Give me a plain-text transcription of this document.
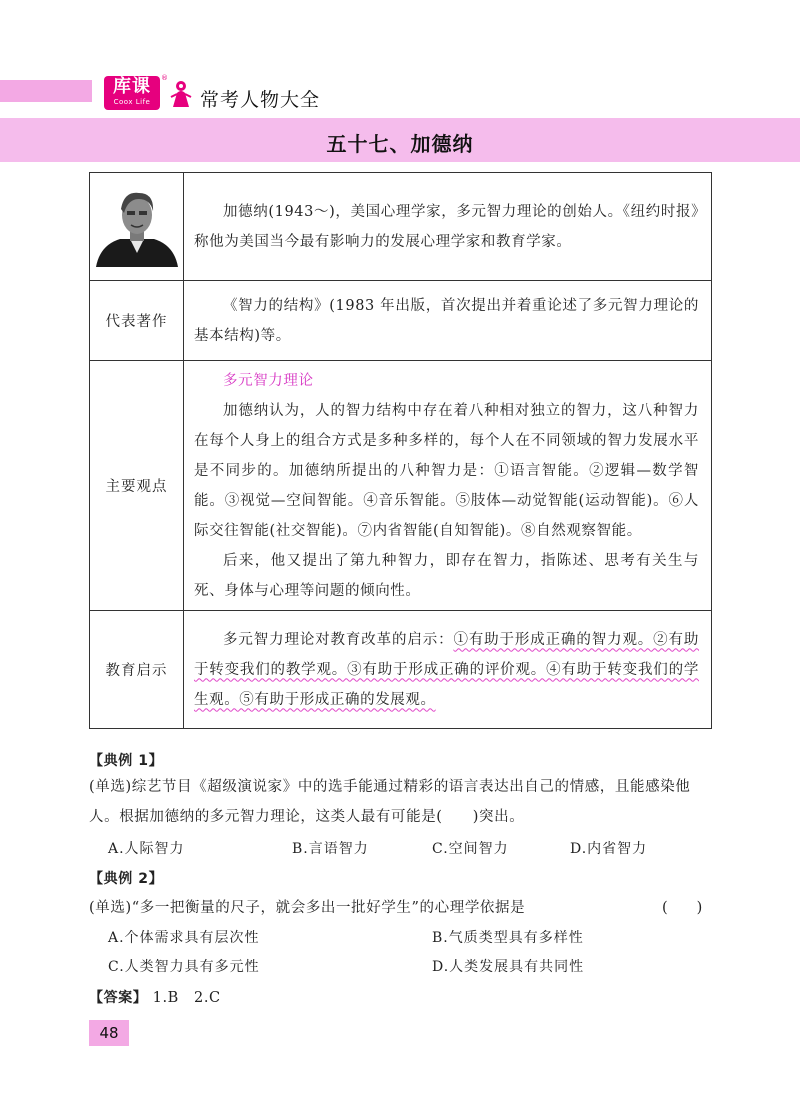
库课
Coox Life
®
常考人物大全
五十七、加德纳

加德纳(1943～)，美国心理学家，多元智力理论的创始人。《纽约时报》称他为美国当今最有影响力的发展心理学家和教育学家。

代表著作	《智力的结构》(1983 年出版，首次提出并着重论述了多元智力理论的基本结构)等。

主要观点	多元智力理论

加德纳认为，人的智力结构中存在着八种相对独立的智力，这八种智力在每个人身上的组合方式是多种多样的，每个人在不同领域的智力发展水平是不同步的。加德纳所提出的八种智力是：①语言智能。②逻辑—数学智能。③视觉—空间智能。④音乐智能。⑤肢体—动觉智能(运动智能)。⑥人际交往智能(社交智能)。⑦内省智能(自知智能)。⑧自然观察智能。

后来，他又提出了第九种智力，即存在智力，指陈述、思考有关生与死、身体与心理等问题的倾向性。

教育启示	多元智力理论对教育改革的启示：①有助于形成正确的智力观。②有助于转变我们的教学观。③有助于形成正确的评价观。④有助于转变我们的学生观。⑤有助于形成正确的发展观。

【典例 1】

(单选)综艺节目《超级演说家》中的选手能通过精彩的语言表达出自己的情感，且能感染他人。根据加德纳的多元智力理论，这类人最有可能是(　　)突出。

A.人际智力	B.言语智力	C.空间智力	D.内省智力
【典例 2】
(单选)“多一把衡量的尺子，就会多出一批好学生”的心理学依据是	(　　)
A.个体需求具有层次性	B.气质类型具有多样性
C.人类智力具有多元性	D.人类发展具有共同性
【答案】 1.B　2.C
48
